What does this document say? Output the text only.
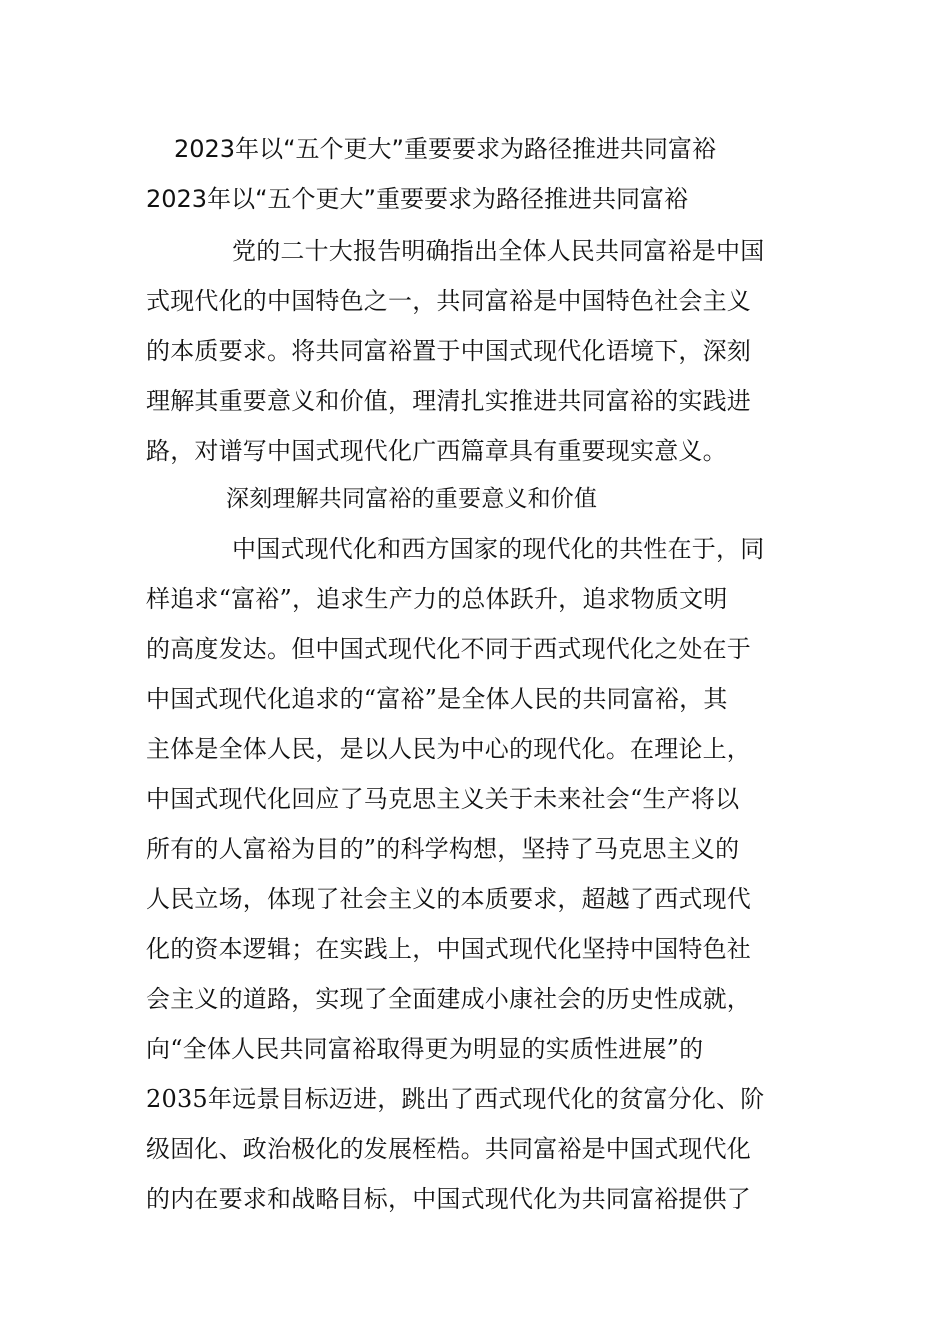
2023年以“五个更大”重要要求为路径推进共同富裕
2023年以“五个更大”重要要求为路径推进共同富裕
党的二十大报告明确指出全体人民共同富裕是中国
式现代化的中国特色之一，共同富裕是中国特色社会主义
的本质要求。将共同富裕置于中国式现代化语境下，深刻
理解其重要意义和价值，理清扎实推进共同富裕的实践进
路，对谱写中国式现代化广西篇章具有重要现实意义。
深刻理解共同富裕的重要意义和价值
中国式现代化和西方国家的现代化的共性在于，同
样追求“富裕”，追求生产力的总体跃升，追求物质文明
的高度发达。但中国式现代化不同于西式现代化之处在于
中国式现代化追求的“富裕”是全体人民的共同富裕，其
主体是全体人民，是以人民为中心的现代化。在理论上，
中国式现代化回应了马克思主义关于未来社会“生产将以
所有的人富裕为目的”的科学构想，坚持了马克思主义的
人民立场，体现了社会主义的本质要求，超越了西式现代
化的资本逻辑；在实践上，中国式现代化坚持中国特色社
会主义的道路，实现了全面建成小康社会的历史性成就，
向“全体人民共同富裕取得更为明显的实质性进展”的
2035年远景目标迈进，跳出了西式现代化的贫富分化、阶
级固化、政治极化的发展桎梏。共同富裕是中国式现代化
的内在要求和战略目标，中国式现代化为共同富裕提供了
